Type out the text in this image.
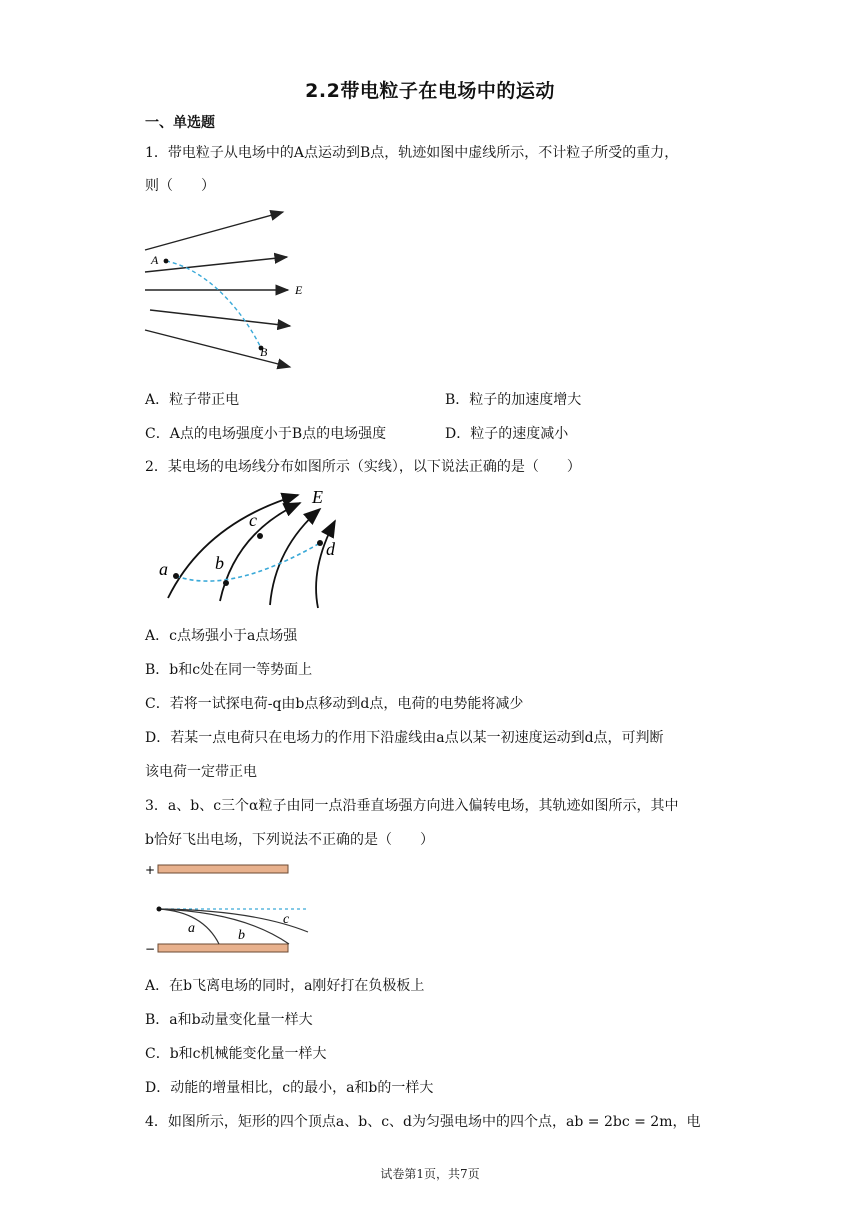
2.2带电粒子在电场中的运动
一、单选题
1．带电粒子从电场中的A点运动到B点，轨迹如图中虚线所示，不计粒子所受的重力，
则（　　）
A
B
E
A．粒子带正电	B．粒子的加速度增大
C．A点的电场强度小于B点的电场强度	D．粒子的速度减小
2．某电场的电场线分布如图所示（实线），以下说法正确的是（　　）
a	b
c
d
E
A．c点场强小于a点场强
B．b和c处在同一等势面上
C．若将一试探电荷-q由b点移动到d点，电荷的电势能将减少
D．若某一点电荷只在电场力的作用下沿虚线由a点以某一初速度运动到d点，可判断
该电荷一定带正电
3．a、b、c三个α粒子由同一点沿垂直场强方向进入偏转电场，其轨迹如图所示，其中
b恰好飞出电场，下列说法不正确的是（　　）
+
−
a	b
c
A．在b飞离电场的同时，a刚好打在负极板上
B．a和b动量变化量一样大
C．b和c机械能变化量一样大
D．动能的增量相比，c的最小，a和b的一样大
4．如图所示，矩形的四个顶点a、b、c、d为匀强电场中的四个点，ab = 2bc = 2m，电
试卷第1页，共7页
